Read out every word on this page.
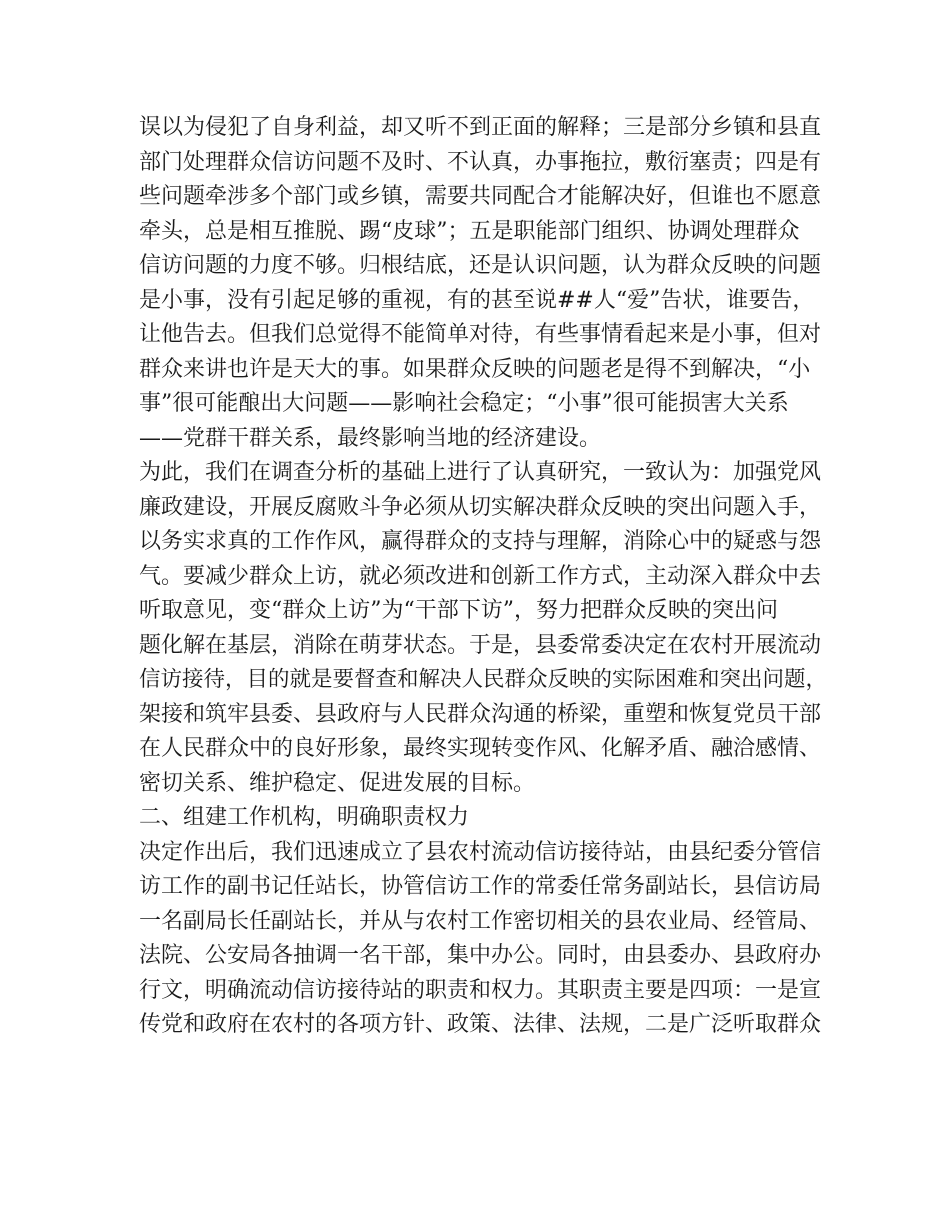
误以为侵犯了自身利益，却又听不到正面的解释；三是部分乡镇和县直
部门处理群众信访问题不及时、不认真，办事拖拉，敷衍塞责；四是有
些问题牵涉多个部门或乡镇，需要共同配合才能解决好，但谁也不愿意
牵头，总是相互推脱、踢“皮球”；五是职能部门组织、协调处理群众
信访问题的力度不够。归根结底，还是认识问题，认为群众反映的问题
是小事，没有引起足够的重视，有的甚至说##人“爱”告状，谁要告，
让他告去。但我们总觉得不能简单对待，有些事情看起来是小事，但对
群众来讲也许是天大的事。如果群众反映的问题老是得不到解决，“小
事”很可能酿出大问题——影响社会稳定；“小事”很可能损害大关系
——党群干群关系，最终影响当地的经济建设。
为此，我们在调查分析的基础上进行了认真研究，一致认为：加强党风
廉政建设，开展反腐败斗争必须从切实解决群众反映的突出问题入手，
以务实求真的工作作风，赢得群众的支持与理解，消除心中的疑惑与怨
气。要减少群众上访，就必须改进和创新工作方式，主动深入群众中去
听取意见，变“群众上访”为“干部下访”，努力把群众反映的突出问
题化解在基层，消除在萌芽状态。于是，县委常委决定在农村开展流动
信访接待，目的就是要督查和解决人民群众反映的实际困难和突出问题，
架接和筑牢县委、县政府与人民群众沟通的桥梁，重塑和恢复党员干部
在人民群众中的良好形象，最终实现转变作风、化解矛盾、融洽感情、
密切关系、维护稳定、促进发展的目标。
二、组建工作机构，明确职责权力
决定作出后，我们迅速成立了县农村流动信访接待站，由县纪委分管信
访工作的副书记任站长，协管信访工作的常委任常务副站长，县信访局
一名副局长任副站长，并从与农村工作密切相关的县农业局、经管局、
法院、公安局各抽调一名干部，集中办公。同时，由县委办、县政府办
行文，明确流动信访接待站的职责和权力。其职责主要是四项：一是宣
传党和政府在农村的各项方针、政策、法律、法规，二是广泛听取群众
